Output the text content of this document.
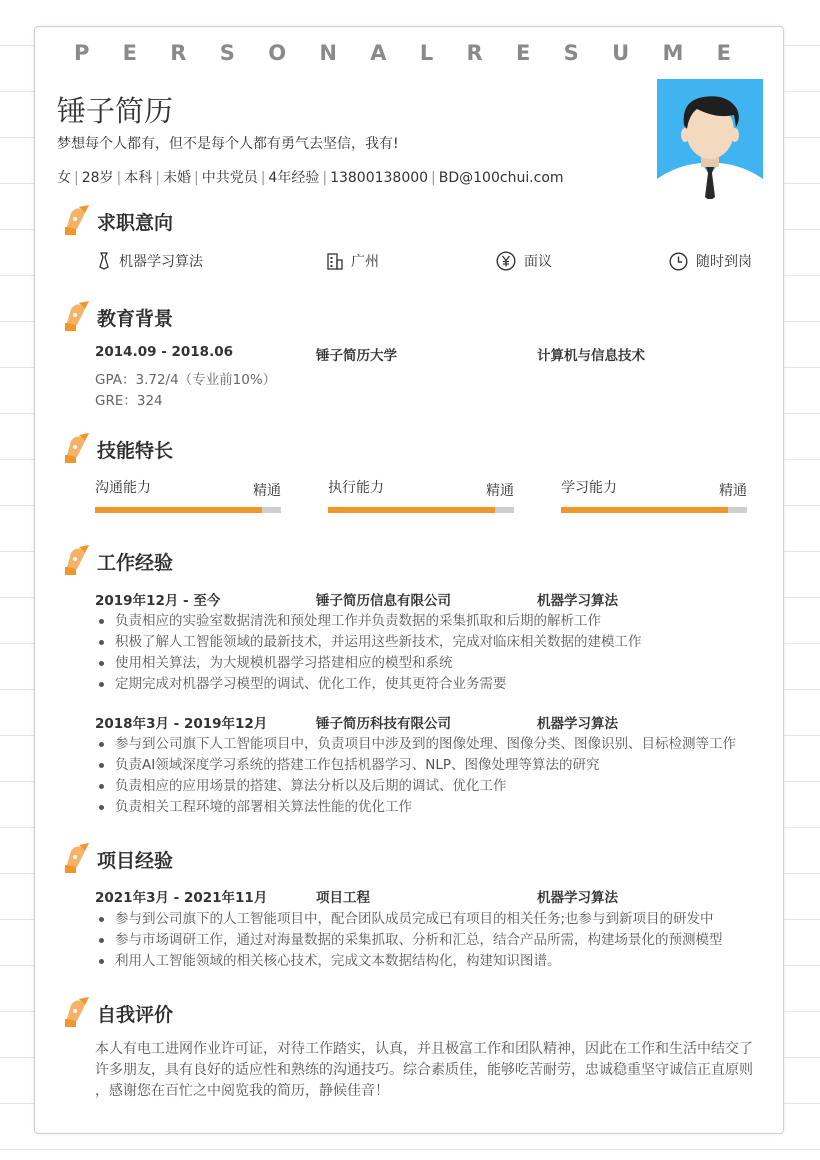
P E R S O N A L R E S U M E
锤子简历
梦想每个人都有，但不是每个人都有勇气去坚信，我有!
女 | 28岁 | 本科 | 未婚 | 中共党员 | 4年经验 | 13800138000 | BD@100chui.com
求职意向
机器学习算法	广州	面议	随时到岗
教育背景
2014.09 - 2018.06	锤子简历大学	计算机与信息技术
GPA：3.72/4（专业前10%）
GRE：324
技能特长
沟通能力	精通	执行能力	精通	学习能力	精通
工作经验
2019年12月 - 至今	锤子简历信息有限公司	机器学习算法
负责相应的实验室数据清洗和预处理工作并负责数据的采集抓取和后期的解析工作
积极了解人工智能领域的最新技术，并运用这些新技术，完成对临床相关数据的建模工作
使用相关算法，为大规模机器学习搭建相应的模型和系统
定期完成对机器学习模型的调试、优化工作，使其更符合业务需要
2018年3月 - 2019年12月	锤子简历科技有限公司	机器学习算法
参与到公司旗下人工智能项目中，负责项目中涉及到的图像处理、图像分类、图像识别、目标检测等工作
负责AI领域深度学习系统的搭建工作包括机器学习、NLP、图像处理等算法的研究
负责相应的应用场景的搭建、算法分析以及后期的调试、优化工作
负责相关工程环境的部署相关算法性能的优化工作
项目经验
2021年3月 - 2021年11月	项目工程	机器学习算法
参与到公司旗下的人工智能项目中，配合团队成员完成已有项目的相关任务;也参与到新项目的研发中
参与市场调研工作，通过对海量数据的采集抓取、分析和汇总，结合产品所需，构建场景化的预测模型
利用人工智能领域的相关核心技术，完成文本数据结构化，构建知识图谱。
自我评价
本人有电工进网作业许可证，对待工作踏实，认真，并且极富工作和团队精神，因此在工作和生活中结交了
许多朋友，具有良好的适应性和熟练的沟通技巧。综合素质佳，能够吃苦耐劳，忠诚稳重坚守诚信正直原则
，感谢您在百忙之中阅览我的简历，静候佳音！
